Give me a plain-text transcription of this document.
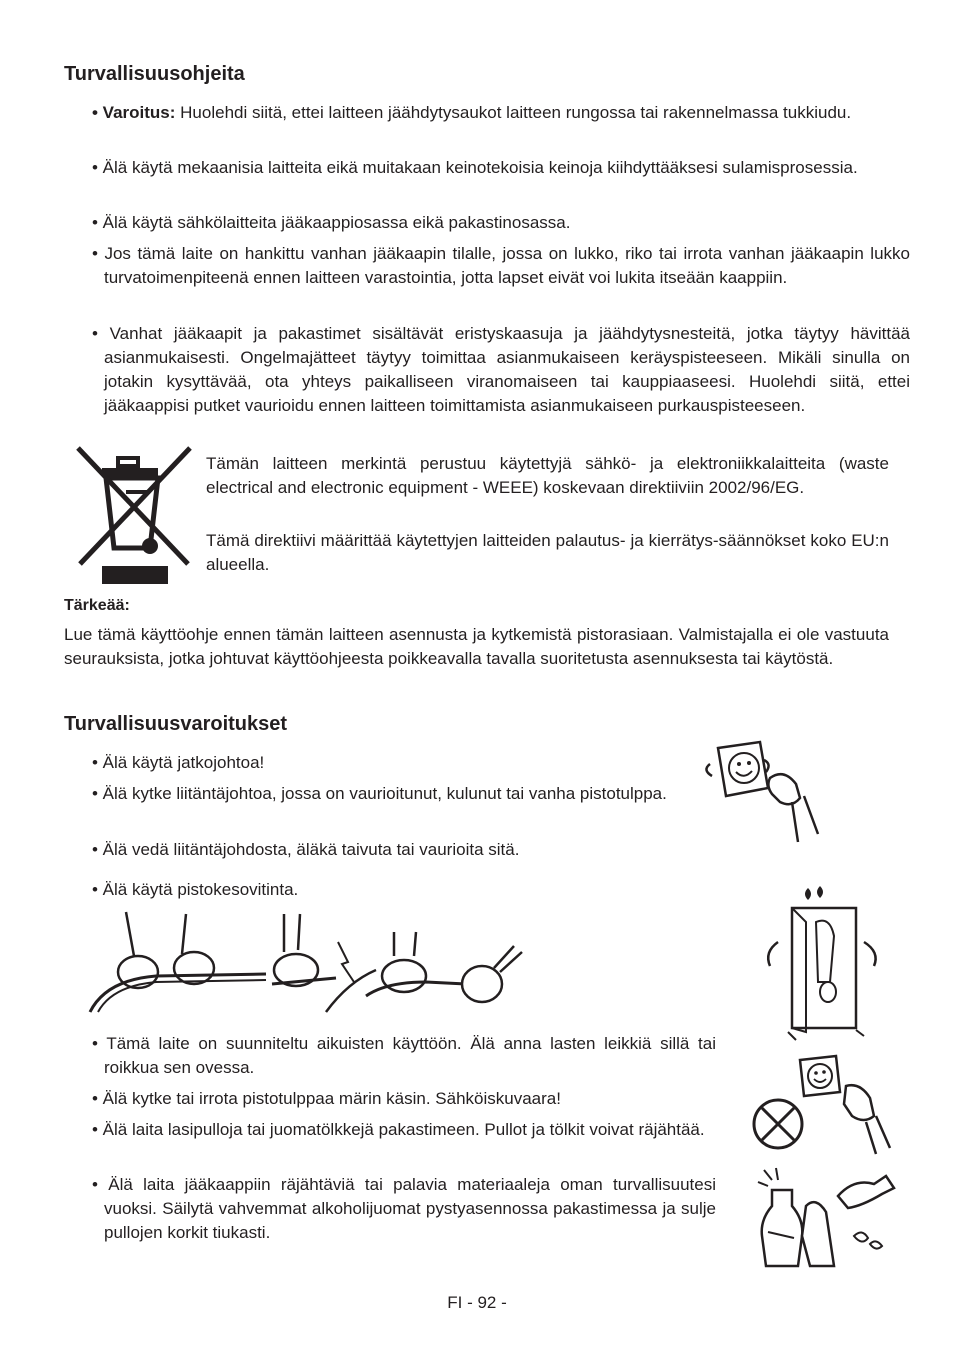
Turvallisuusohjeita
• Varoitus: Huolehdi siitä, ettei laitteen jäähdytysaukot laitteen rungossa tai rakennelmassa tukkiudu.
• Älä käytä mekaanisia laitteita eikä muitakaan keinotekoisia keinoja kiihdyttääksesi sulamisprosessia.
• Älä käytä sähkölaitteita jääkaappiosassa eikä pakastinosassa.
• Jos tämä laite on hankittu vanhan jääkaapin tilalle, jossa on lukko, riko tai irrota vanhan jääkaapin lukko turvatoimenpiteenä ennen laitteen varastointia, jotta lapset eivät voi lukita itseään kaappiin.
• Vanhat jääkaapit ja pakastimet sisältävät eristyskaasuja ja jäähdytysnesteitä, jotka täytyy hävittää asianmukaisesti. Ongelmajätteet täytyy toimittaa asianmukaiseen keräyspisteeseen. Mikäli sinulla on jotakin kysyttävää, ota yhteys paikalliseen viranomaiseen tai kauppiaaseesi. Huolehdi siitä, ettei jääkaappisi putket vaurioidu ennen laitteen toimittamista asianmukaiseen purkauspisteeseen.
Tämän laitteen merkintä perustuu käytettyjä sähkö- ja elektroniikkalaitteita (waste electrical and electronic equipment - WEEE) koskevaan direktiiviin 2002/96/EG.
Tämä direktiivi määrittää käytettyjen laitteiden palautus- ja kierrätys-säännökset koko EU:n alueella.
Tärkeää:
Lue tämä käyttöohje ennen tämän laitteen asennusta ja kytkemistä pistorasiaan. Valmistajalla ei ole vastuuta seurauksista, jotka johtuvat käyttöohjeesta poikkeavalla tavalla suoritetusta asennuksesta tai käytöstä.
Turvallisuusvaroitukset
• Älä käytä jatkojohtoa!
• Älä kytke liitäntäjohtoa, jossa on vaurioitunut, kulunut tai vanha pistotulppa.
• Älä vedä liitäntäjohdosta, äläkä taivuta tai vaurioita sitä.
• Älä käytä pistokesovitinta.
• Tämä laite on suunniteltu aikuisten käyttöön. Älä anna lasten leikkiä sillä tai roikkua sen ovessa.
• Älä kytke tai irrota pistotulppaa märin käsin. Sähköiskuvaara!
• Älä laita lasipulloja tai juomatölkkejä pakastimeen. Pullot ja tölkit voivat räjähtää.
• Älä laita jääkaappiin räjähtäviä tai palavia materiaaleja oman turvallisuutesi vuoksi. Säilytä vahvemmat alkoholijuomat pystyasennossa pakastimessa ja sulje pullojen korkit tiukasti.
FI - 92 -
